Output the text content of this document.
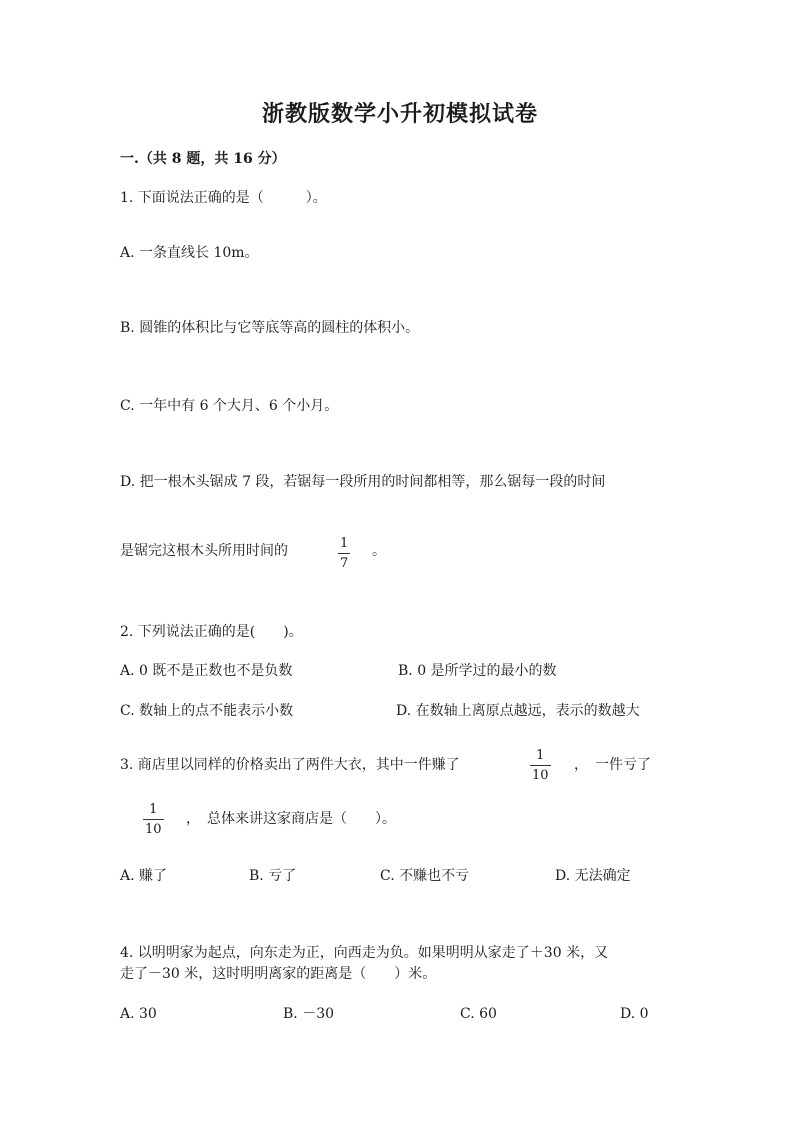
浙教版数学小升初模拟试卷
一.（共 8 题，共 16 分）
1. 下面说法正确的是（　　　）。
A. 一条直线长 10m。
B. 圆锥的体积比与它等底等高的圆柱的体积小。
C. 一年中有 6 个大月、6 个小月。
D. 把一根木头锯成 7 段，若锯每一段所用的时间都相等，那么锯每一段的时间
是锯完这根木头所用时间的	1
7
。
2. 下列说法正确的是(　　)。
A. 0 既不是正数也不是负数	B. 0 是所学过的最小的数
C. 数轴上的点不能表示小数	D. 在数轴上离原点越远，表示的数越大
3. 商店里以同样的价格卖出了两件大衣，其中一件赚了
1
10
，　一件亏了
1
10
，　总体来讲这家商店是（　　）。
A. 赚了	B. 亏了	C. 不赚也不亏	D. 无法确定
4. 以明明家为起点，向东走为正，向西走为负。如果明明从家走了＋30 米，又
走了－30 米，这时明明离家的距离是（　　）米。
A. 30	B. －30	C. 60	D. 0
